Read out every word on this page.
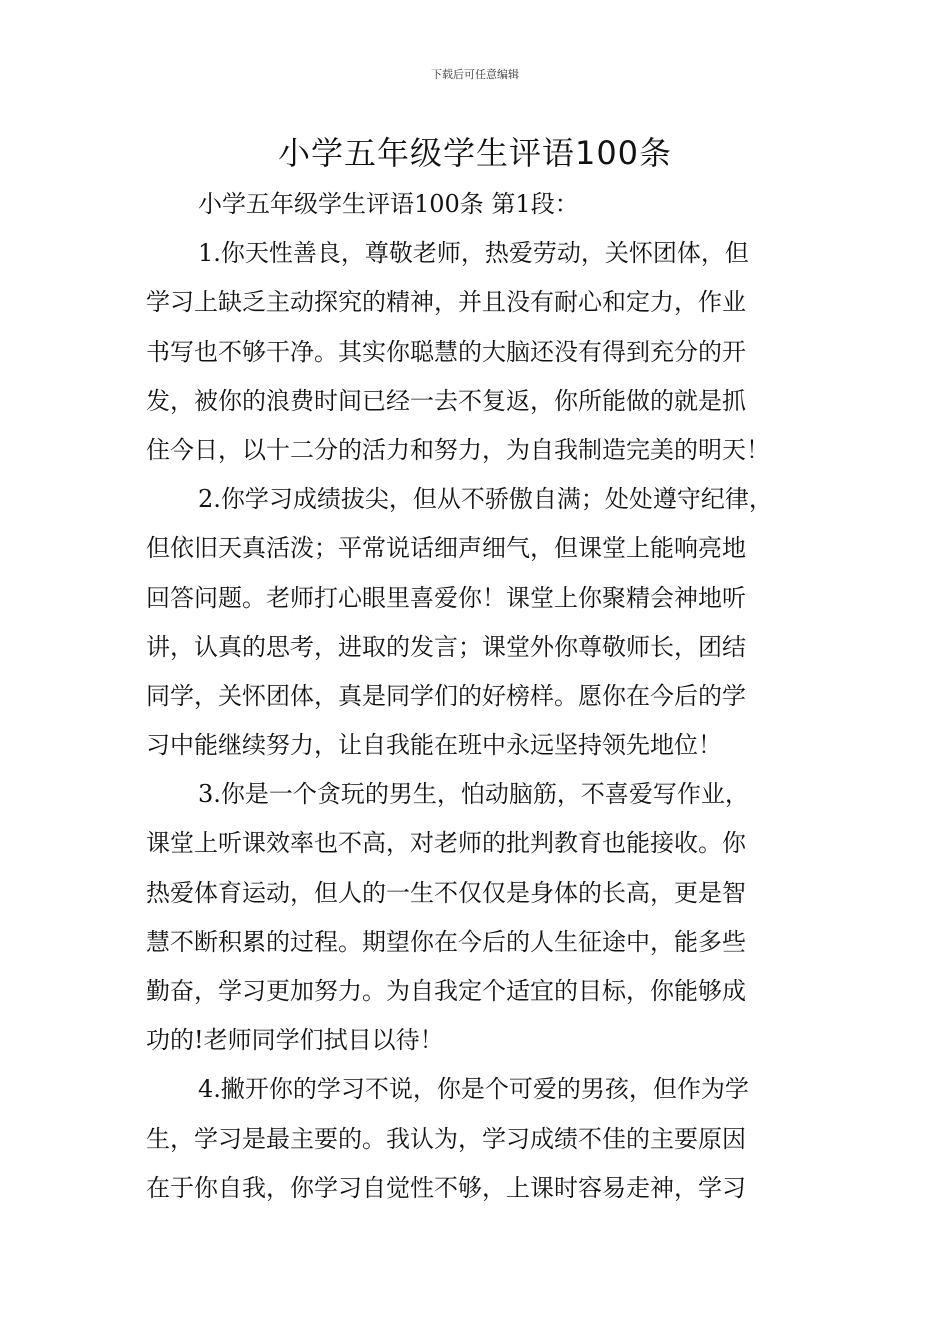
下载后可任意编辑
小学五年级学生评语100条
小学五年级学生评语100条 第1段：
1.你天性善良，尊敬老师，热爱劳动，关怀团体，但
学习上缺乏主动探究的精神，并且没有耐心和定力，作业
书写也不够干净。其实你聪慧的大脑还没有得到充分的开
发，被你的浪费时间已经一去不复返，你所能做的就是抓
住今日，以十二分的活力和努力，为自我制造完美的明天！
2.你学习成绩拔尖，但从不骄傲自满；处处遵守纪律，
但依旧天真活泼；平常说话细声细气，但课堂上能响亮地
回答问题。老师打心眼里喜爱你！课堂上你聚精会神地听
讲，认真的思考，进取的发言；课堂外你尊敬师长，团结
同学，关怀团体，真是同学们的好榜样。愿你在今后的学
习中能继续努力，让自我能在班中永远坚持领先地位！
3.你是一个贪玩的男生，怕动脑筋，不喜爱写作业，
课堂上听课效率也不高，对老师的批判教育也能接收。你
热爱体育运动，但人的一生不仅仅是身体的长高，更是智
慧不断积累的过程。期望你在今后的人生征途中，能多些
勤奋，学习更加努力。为自我定个适宜的目标，你能够成
功的!老师同学们拭目以待！
4.撇开你的学习不说，你是个可爱的男孩，但作为学
生，学习是最主要的。我认为，学习成绩不佳的主要原因
在于你自我，你学习自觉性不够，上课时容易走神，学习
